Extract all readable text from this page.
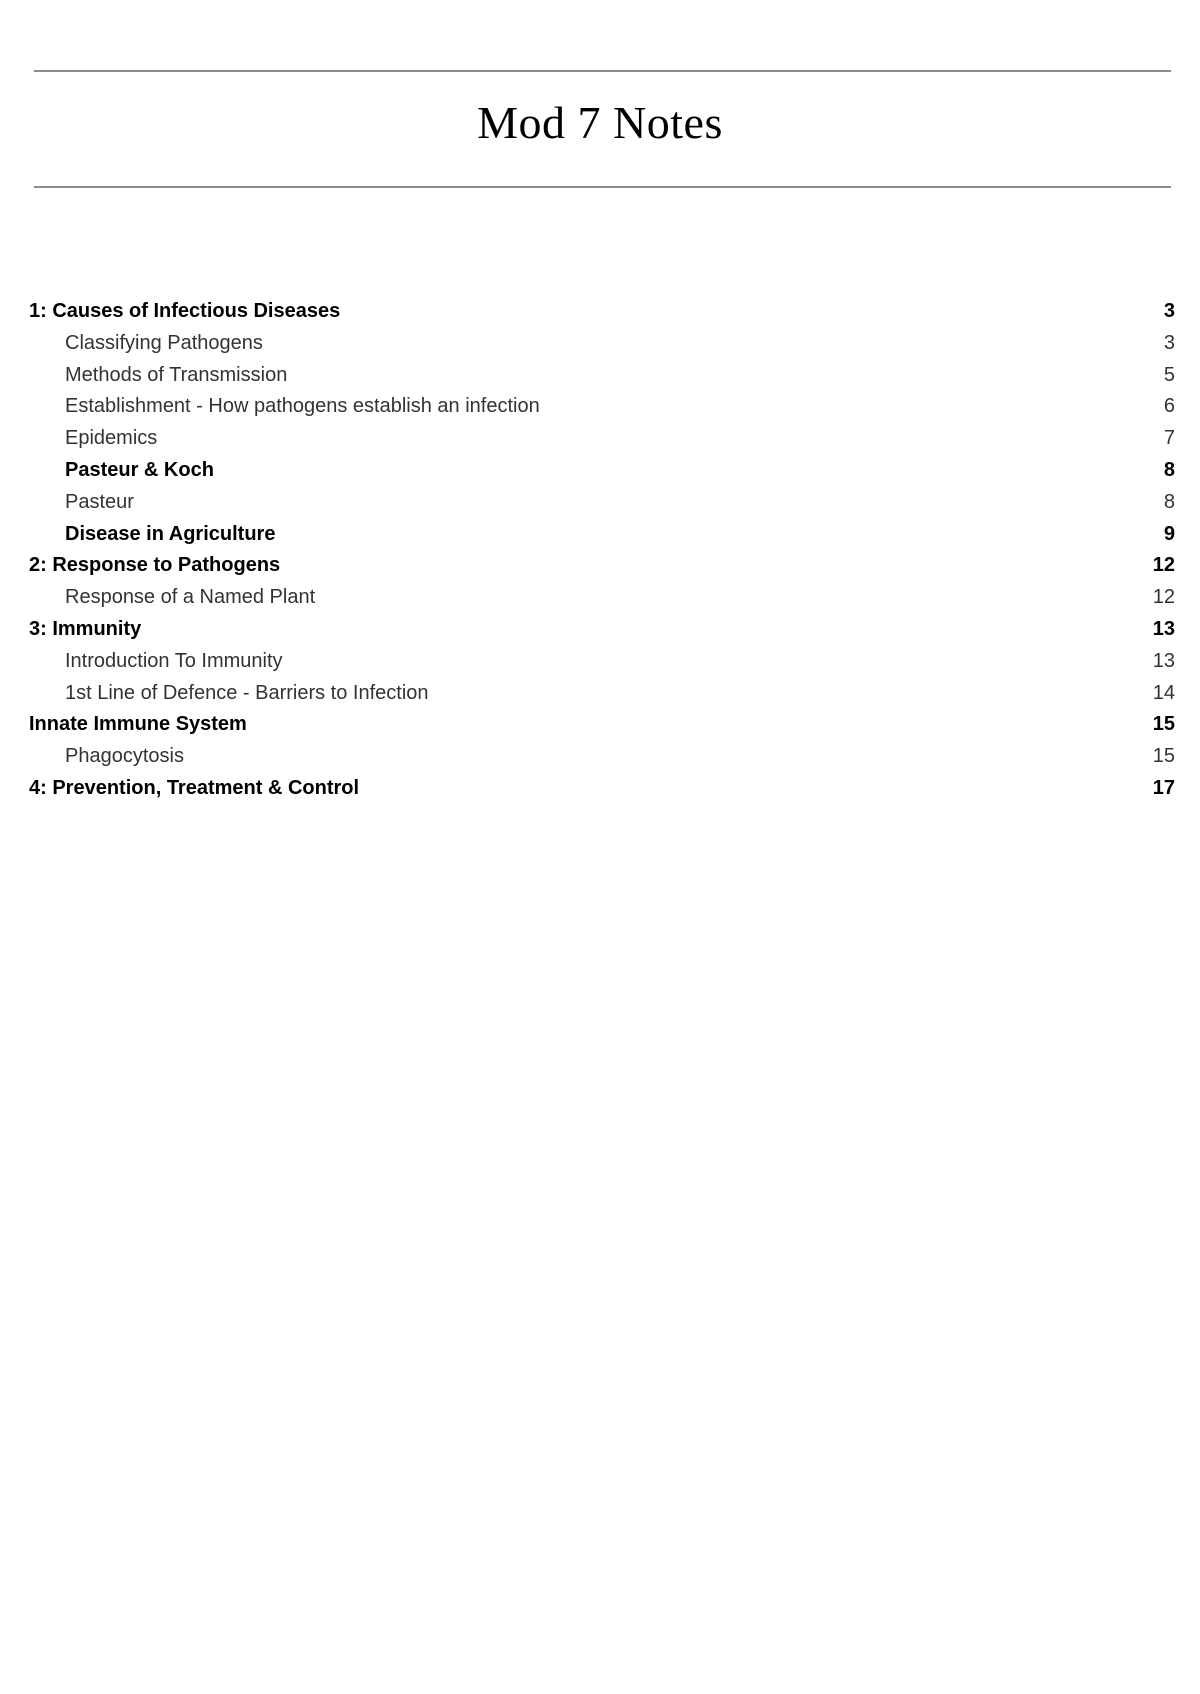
Mod 7 Notes
1: Causes of Infectious Diseases	3
Classifying Pathogens	3
Methods of Transmission	5
Establishment - How pathogens establish an infection	6
Epidemics	7
Pasteur & Koch	8
Pasteur	8
Disease in Agriculture	9
2: Response to Pathogens	12
Response of a Named Plant	12
3: Immunity	13
Introduction To Immunity	13
1st Line of Defence - Barriers to Infection	14
Innate Immune System	15
Phagocytosis	15
4: Prevention, Treatment & Control	17
